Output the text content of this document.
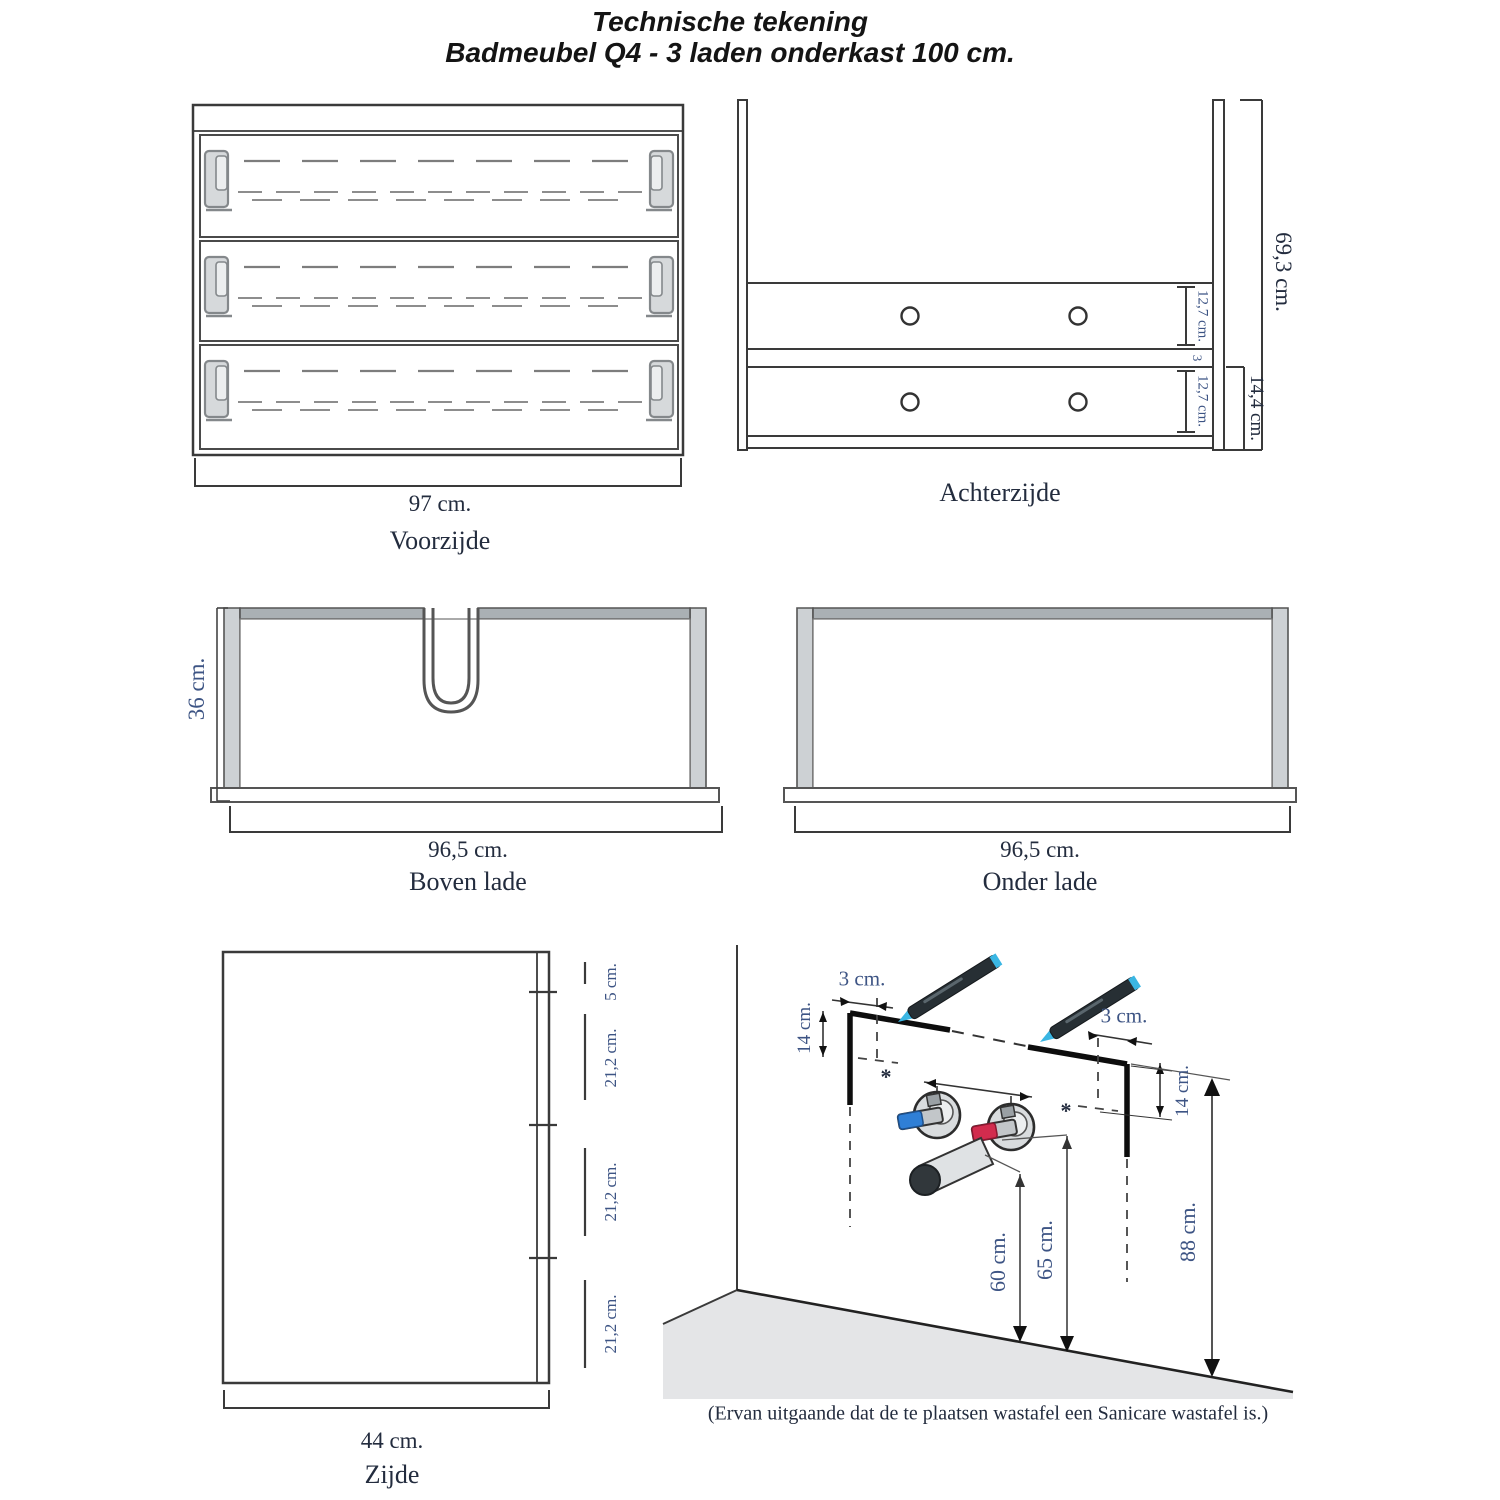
Technische tekening
Badmeubel Q4 - 3 laden onderkast 100 cm.
97 cm.
Voorzijde
Achterzijde
69,3 cm.
12,7 cm.
3
12,7 cm. 14,4 cm.
36 cm.
96,5 cm.
Boven lade
96,5 cm.
Onder lade
5 cm.
21,2 cm.
21,2 cm.
21,2 cm.
44 cm.
Zijde
3 cm.
14 cm.	3 cm.
14 cm.
*
*
60 cm. 65 cm.	88 cm.
(Ervan uitgaande dat de te plaatsen wastafel een Sanicare wastafel is.)
